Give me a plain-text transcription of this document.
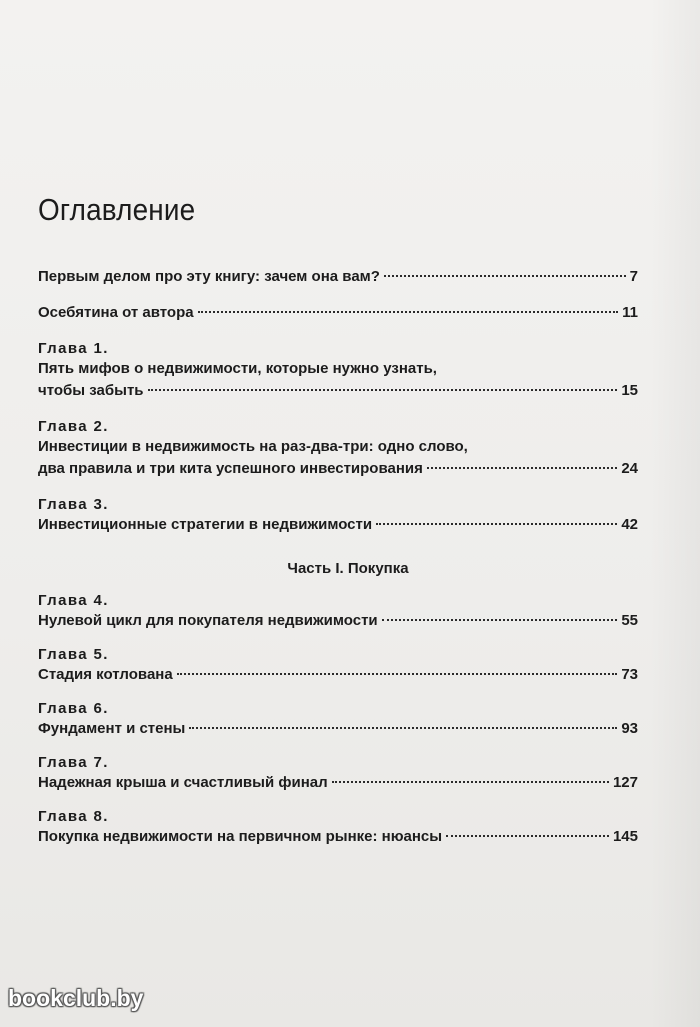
Оглавление
Первым делом про эту книгу: зачем она вам?	7
Осебятина от автора	11
Глава 1.
Пять мифов о недвижимости, которые нужно узнать,
чтобы забыть	15
Глава 2.
Инвестиции в недвижимость на раз-два-три: одно слово,
два правила и три кита успешного инвестирования	24
Глава 3.
Инвестиционные стратегии в недвижимости	42
Часть I. Покупка
Глава 4.
Нулевой цикл для покупателя недвижимости	55
Глава 5.
Стадия котлована	73
Глава 6.
Фундамент и стены	93
Глава 7.
Надежная крыша и счастливый финал	127
Глава 8.
Покупка недвижимости на первичном рынке: нюансы	145
bookclub.by
